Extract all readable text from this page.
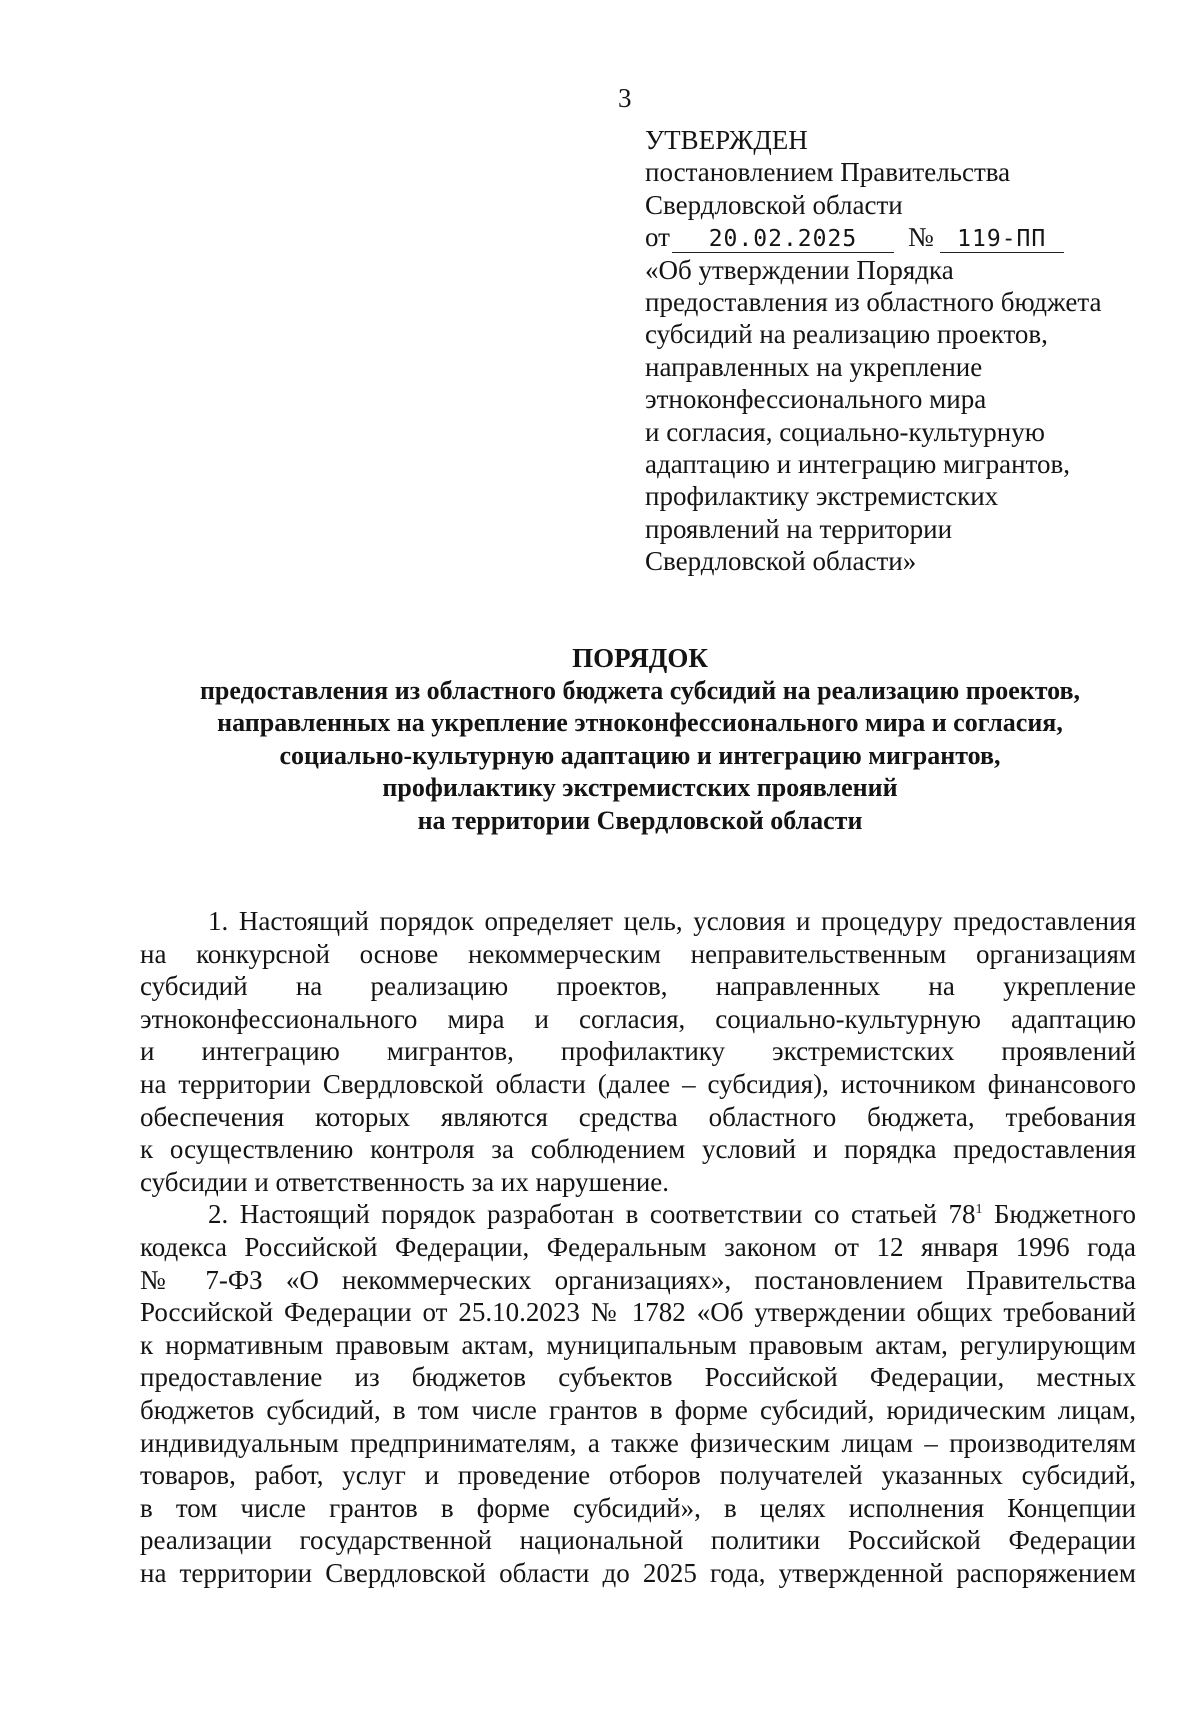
3
УТВЕРЖДЕН
постановлением Правительства
Свердловской области
от	20.02.2025	№	119-ПП
«Об утверждении Порядка
предоставления из областного бюджета
субсидий на реализацию проектов,
направленных на укрепление
этноконфессионального мира
и согласия, социально-культурную
адаптацию и интеграцию мигрантов,
профилактику экстремистских
проявлений на территории
Свердловской области»
ПОРЯДОК
предоставления из областного бюджета субсидий на реализацию проектов,
направленных на укрепление этноконфессионального мира и согласия,
социально-культурную адаптацию и интеграцию мигрантов,
профилактику экстремистских проявлений
на территории Свердловской области
1. Настоящий порядок определяет цель, условия и процедуру предоставления
на конкурсной основе некоммерческим неправительственным организациям
субсидий на реализацию проектов, направленных на укрепление
этноконфессионального мира и согласия, социально-культурную адаптацию
и интеграцию мигрантов, профилактику экстремистских проявлений
на территории Свердловской области (далее – субсидия), источником финансового
обеспечения которых являются средства областного бюджета, требования
к осуществлению контроля за соблюдением условий и порядка предоставления
субсидии и ответственность за их нарушение.
2. Настоящий порядок разработан в соответствии со статьей $78^1$ Бюджетного
кодекса Российской Федерации, Федеральным законом от 12 января 1996 года
№ 7-ФЗ «О некоммерческих организациях», постановлением Правительства
Российской Федерации от 25.10.2023 № 1782 «Об утверждении общих требований
к нормативным правовым актам, муниципальным правовым актам, регулирующим
предоставление из бюджетов субъектов Российской Федерации, местных
бюджетов субсидий, в том числе грантов в форме субсидий, юридическим лицам,
индивидуальным предпринимателям, а также физическим лицам – производителям
товаров, работ, услуг и проведение отборов получателей указанных субсидий,
в том числе грантов в форме субсидий», в целях исполнения Концепции
реализации государственной национальной политики Российской Федерации
на территории Свердловской области до 2025 года, утвержденной распоряжением
